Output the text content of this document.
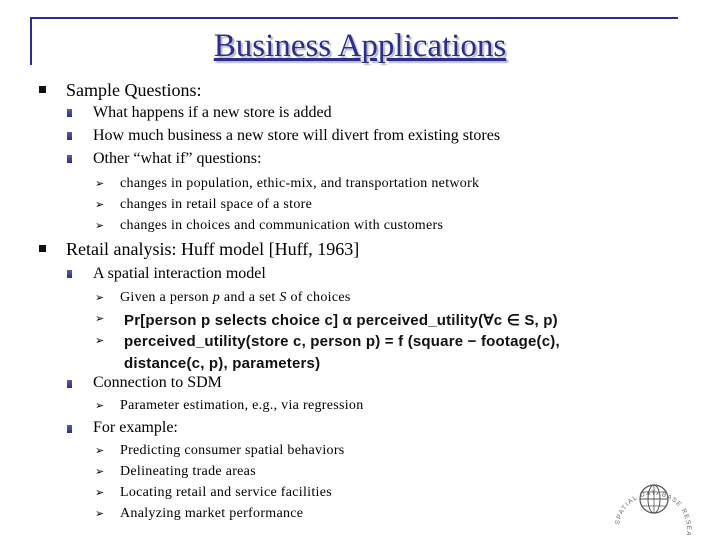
Business Applications
Sample Questions:
What happens if a new store is added
How much business a new store will divert from existing stores
Other “what if” questions:
➢ changes in population, ethic-mix, and transportation network
➢ changes in retail space of a store
➢ changes in choices and communication with customers
Retail analysis: Huff model [Huff, 1963]
A spatial interaction model
➢ Given a person p and a set S of choices
➢ Pr[person p selects choice c] α perceived_utility(∀c ∈ S, p)
➢ perceived_utility(store c, person p) = f (square − footage(c),
distance(c, p), parameters)
Connection to SDM
➢ Parameter estimation, e.g., via regression
For example:
➢ Predicting consumer spatial behaviors
➢ Delineating trade areas
➢ Locating retail and service facilities
➢ Analyzing market performance
SPATIAL DATABASE RESEA
